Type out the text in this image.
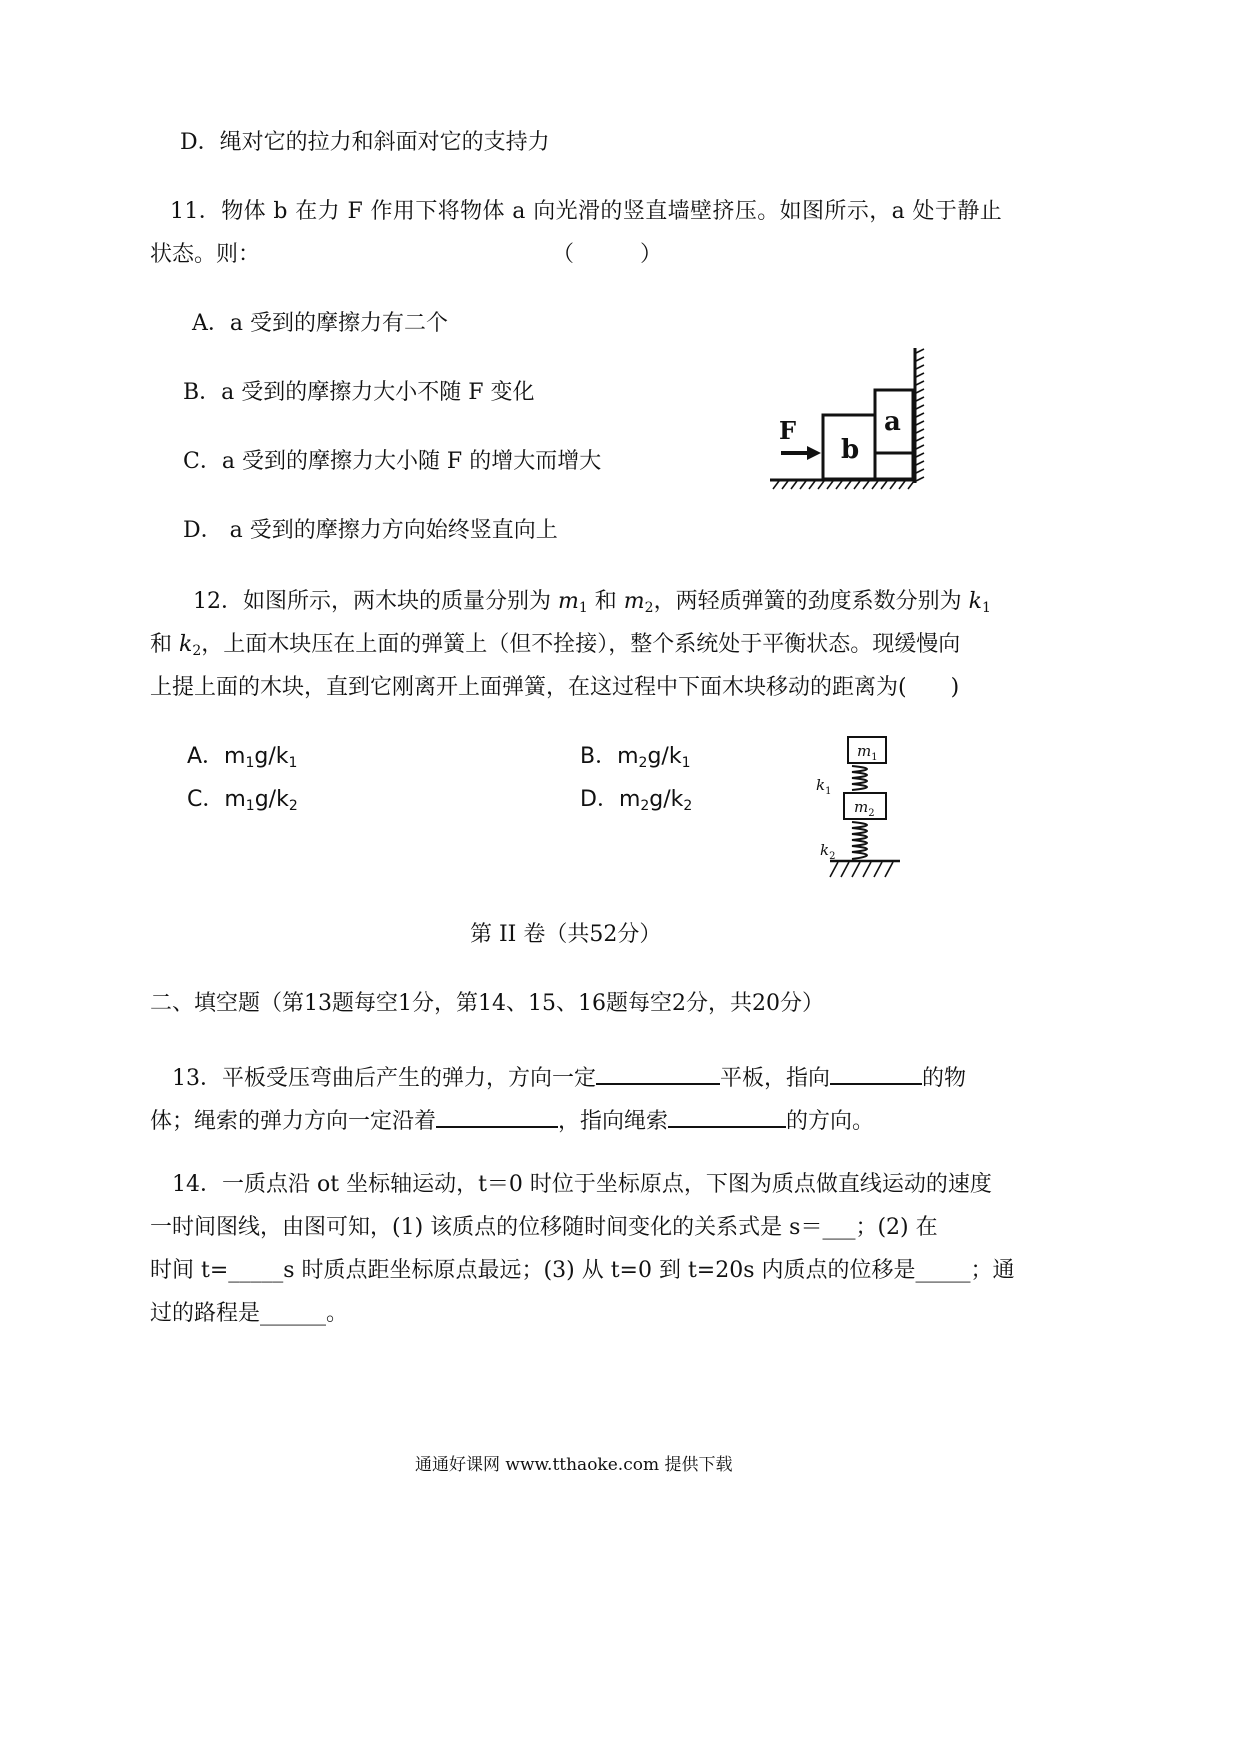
D．绳对它的拉力和斜面对它的支持力
11．物体 b 在力 F 作用下将物体 a 向光滑的竖直墙壁挤压。如图所示，a 处于静止
状态。则：	（　　　）
A．a 受到的摩擦力有二个
B．a 受到的摩擦力大小不随 F 变化
C．a 受到的摩擦力大小随 F 的增大而增大
D． a 受到的摩擦力方向始终竖直向上
b
a
F
12．如图所示，两木块的质量分别为 $m_1$ 和 $m_2$，两轻质弹簧的劲度系数分别为 $k_1$
和 $k_2$，上面木块压在上面的弹簧上（但不拴接），整个系统处于平衡状态。现缓慢向
上提上面的木块，直到它刚离开上面弹簧，在这过程中下面木块移动的距离为(　　)
A．$m_1g/k_1$	B．$m_2g/k_1$
C．$m_1g/k_2$	D．$m_2g/k_2$
$m_1$
$k_1$
$m_2$
$k_2$
第 II 卷（共52分）
二、填空题（第13题每空1分，第14、15、16题每空2分，共20分）
13．平板受压弯曲后产生的弹力，方向一定	平板，指向	的物
体；绳索的弹力方向一定沿着	，指向绳索	的方向。
14．一质点沿 ot 坐标轴运动，t＝0 时位于坐标原点，下图为质点做直线运动的速度
一时间图线，由图可知，(1) 该质点的位移随时间变化的关系式是 s＝___；(2) 在
时间 t=_____s 时质点距坐标原点最远；(3) 从 t=0 到 t=20s 内质点的位移是_____；通
过的路程是______。
通通好课网 www.tthaoke.com 提供下载
